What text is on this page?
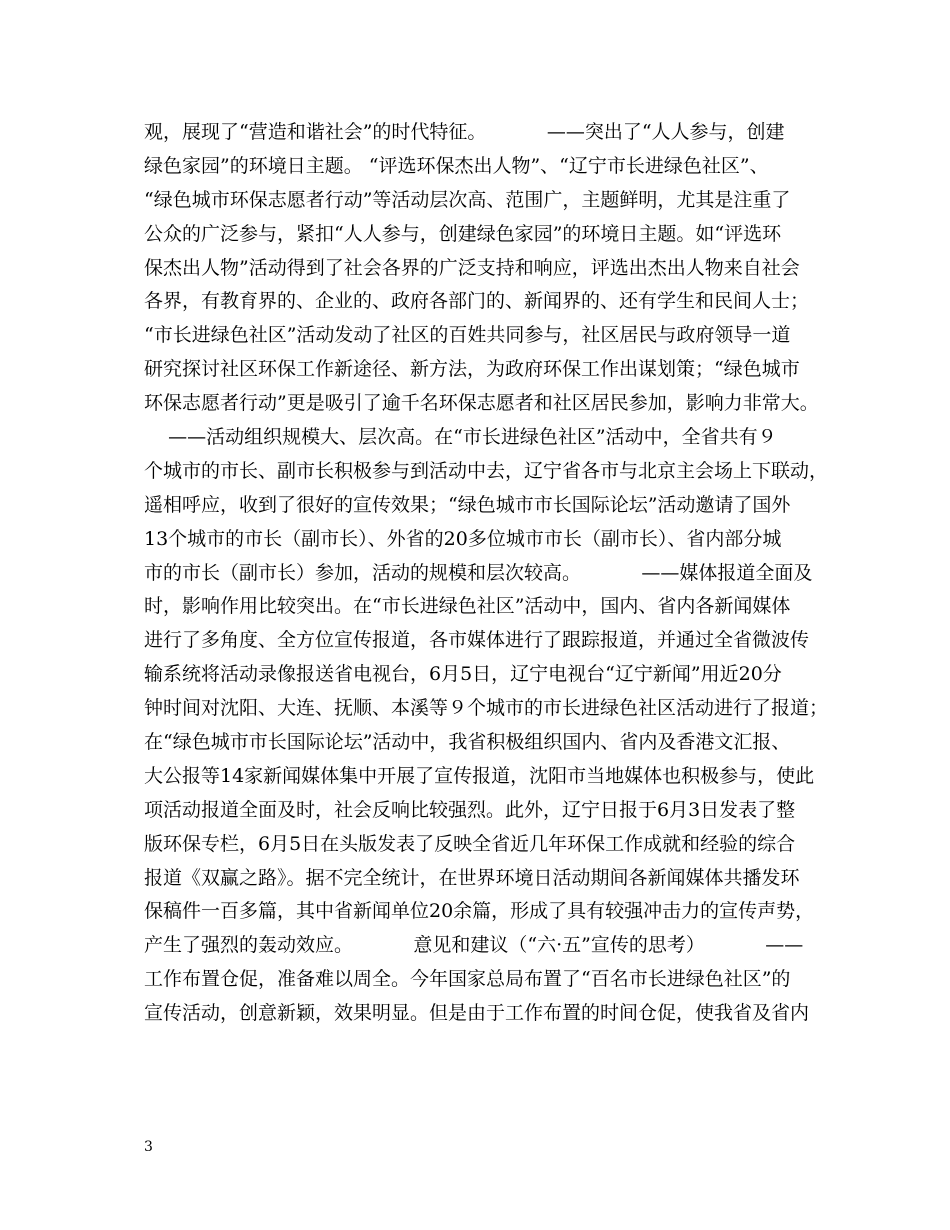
观，展现了“营造和谐社会”的时代特征。          ——突出了“人人参与，创建
绿色家园”的环境日主题。 “评选环保杰出人物”、“辽宁市长进绿色社区”、
“绿色城市环保志愿者行动”等活动层次高、范围广，主题鲜明，尤其是注重了
公众的广泛参与，紧扣“人人参与，创建绿色家园”的环境日主题。如“评选环
保杰出人物”活动得到了社会各界的广泛支持和响应，评选出杰出人物来自社会
各界，有教育界的、企业的、政府各部门的、新闻界的、还有学生和民间人士；
“市长进绿色社区”活动发动了社区的百姓共同参与，社区居民与政府领导一道
研究探讨社区环保工作新途径、新方法，为政府环保工作出谋划策；“绿色城市
环保志愿者行动”更是吸引了逾千名环保志愿者和社区居民参加，影响力非常大。
——活动组织规模大、层次高。在“市长进绿色社区”活动中，全省共有９
个城市的市长、副市长积极参与到活动中去，辽宁省各市与北京主会场上下联动，
遥相呼应，收到了很好的宣传效果；“绿色城市市长国际论坛”活动邀请了国外
13个城市的市长（副市长）、外省的20多位城市市长（副市长）、省内部分城
市的市长（副市长）参加，活动的规模和层次较高。          ——媒体报道全面及
时，影响作用比较突出。在“市长进绿色社区”活动中，国内、省内各新闻媒体
进行了多角度、全方位宣传报道，各市媒体进行了跟踪报道，并通过全省微波传
输系统将活动录像报送省电视台，6月5日，辽宁电视台“辽宁新闻”用近20分
钟时间对沈阳、大连、抚顺、本溪等９个城市的市长进绿色社区活动进行了报道；
在“绿色城市市长国际论坛”活动中，我省积极组织国内、省内及香港文汇报、
大公报等14家新闻媒体集中开展了宣传报道，沈阳市当地媒体也积极参与，使此
项活动报道全面及时，社会反响比较强烈。此外，辽宁日报于6月3日发表了整
版环保专栏，6月5日在头版发表了反映全省近几年环保工作成就和经验的综合
报道《双赢之路》。据不完全统计，在世界环境日活动期间各新闻媒体共播发环
保稿件一百多篇，其中省新闻单位20余篇，形成了具有较强冲击力的宣传声势，
产生了强烈的轰动效应。          意见和建议（“六·五”宣传的思考）          ——
工作布置仓促，准备难以周全。今年国家总局布置了“百名市长进绿色社区”的
宣传活动，创意新颖，效果明显。但是由于工作布置的时间仓促，使我省及省内
3
